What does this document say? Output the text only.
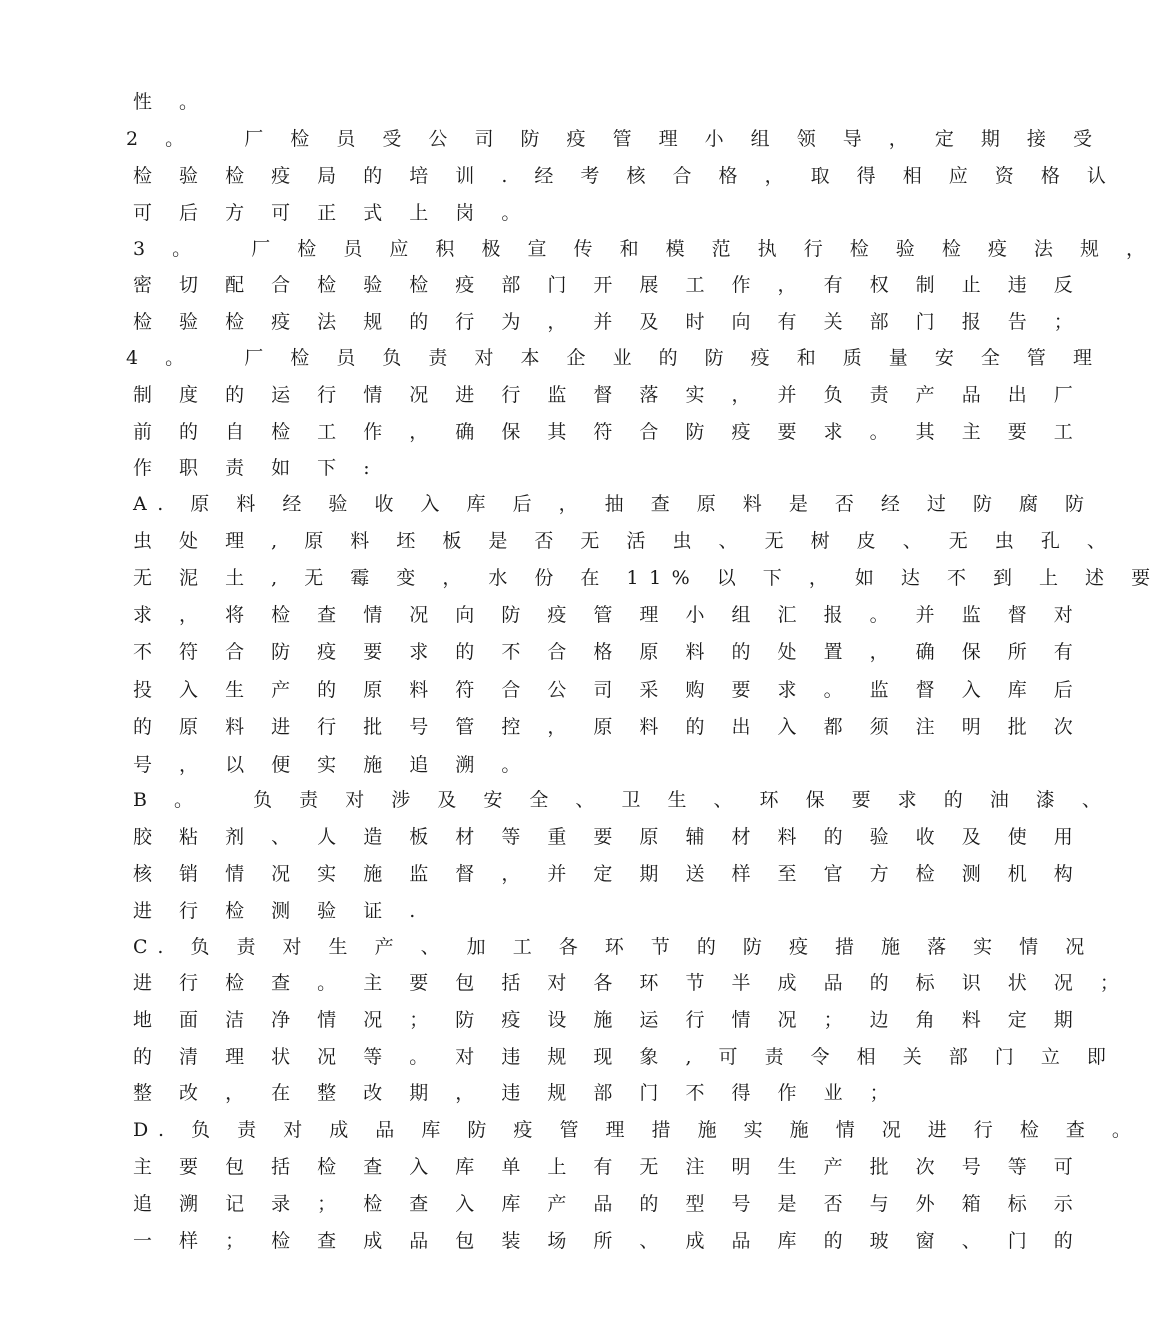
性 。

2 。   厂 检 员 受 公 司 防 疫 管 理 小 组 领 导 ， 定 期 接 受

检 验 检 疫 局 的 培 训 . 经 考 核 合 格 ， 取 得 相 应 资 格 认

可 后 方 可 正 式 上 岗 。

3 。   厂 检 员 应 积 极 宣 传 和 模 范 执 行 检 验 检 疫 法 规 ，

密 切 配 合 检 验 检 疫 部 门 开 展 工 作 ， 有 权 制 止 违 反

检 验 检 疫 法 规 的 行 为 ， 并 及 时 向 有 关 部 门 报 告 ；

4 。   厂 检 员 负 责 对 本 企 业 的 防 疫 和 质 量 安 全 管 理

制 度 的 运 行 情 况 进 行 监 督 落 实 ， 并 负 责 产 品 出 厂

前 的 自 检 工 作 ， 确 保 其 符 合 防 疫 要 求 。 其 主 要 工

作 职 责 如 下 :

A. 原 料 经 验 收 入 库 后 ， 抽 查 原 料 是 否 经 过 防 腐 防

虫 处 理 , 原 料 坯 板 是 否 无 活 虫 、 无 树 皮 、 无 虫 孔 、

无 泥 土 , 无 霉 变 ， 水 份 在 11% 以 下 ， 如 达 不 到 上 述 要

求 ， 将 检 查 情 况 向 防 疫 管 理 小 组 汇 报 。 并 监 督 对

不 符 合 防 疫 要 求 的 不 合 格 原 料 的 处 置 ， 确 保 所 有

投 入 生 产 的 原 料 符 合 公 司 采 购 要 求 。 监 督 入 库 后

的 原 料 进 行 批 号 管 控 ， 原 料 的 出 入 都 须 注 明 批 次

号 ， 以 便 实 施 追 溯 。

B 。   负 责 对 涉 及 安 全 、 卫 生 、 环 保 要 求 的 油 漆 、

胶 粘 剂 、 人 造 板 材 等 重 要 原 辅 材 料 的 验 收 及 使 用

核 销 情 况 实 施 监 督 ， 并 定 期 送 样 至 官 方 检 测 机 构

进 行 检 测 验 证 .

C. 负 责 对 生 产 、 加 工 各 环 节 的 防 疫 措 施 落 实 情 况

进 行 检 查 。 主 要 包 括 对 各 环 节 半 成 品 的 标 识 状 况 ；

地 面 洁 净 情 况 ； 防 疫 设 施 运 行 情 况 ； 边 角 料 定 期

的 清 理 状 况 等 。 对 违 规 现 象 , 可 责 令 相 关 部 门 立 即

整 改 ， 在 整 改 期 ， 违 规 部 门 不 得 作 业 ；

D. 负 责 对 成 品 库 防 疫 管 理 措 施 实 施 情 况 进 行 检 查 。

主 要 包 括 检 查 入 库 单 上 有 无 注 明 生 产 批 次 号 等 可

追 溯 记 录 ； 检 查 入 库 产 品 的 型 号 是 否 与 外 箱 标 示

一 样 ； 检 查 成 品 包 装 场 所 、 成 品 库 的 玻 窗 、 门 的
